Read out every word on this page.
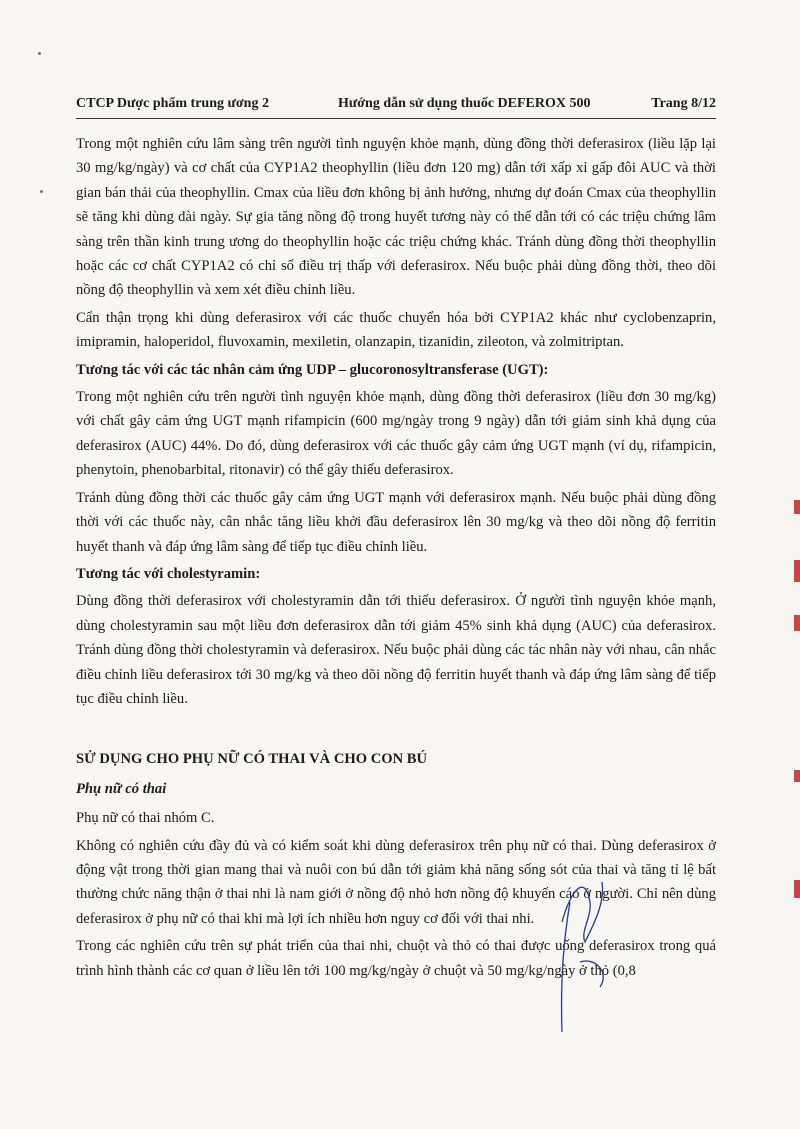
CTCP Dược phẩm trung ương 2	Hướng dẫn sử dụng thuốc DEFEROX 500	Trang 8/12

Trong một nghiên cứu lâm sàng trên người tình nguyện khỏe mạnh, dùng đồng thời deferasirox (liều lặp lại 30 mg/kg/ngày) và cơ chất của CYP1A2 theophyllin (liều đơn 120 mg) dẫn tới xấp xỉ gấp đôi AUC và thời gian bán thải của theophyllin. Cmax của liều đơn không bị ảnh hưởng, nhưng dự đoán Cmax của theophyllin sẽ tăng khi dùng dài ngày. Sự gia tăng nồng độ trong huyết tương này có thể dẫn tới có các triệu chứng lâm sàng trên thần kinh trung ương do theophyllin hoặc các triệu chứng khác. Tránh dùng đồng thời theophyllin hoặc các cơ chất CYP1A2 có chỉ số điều trị thấp với deferasirox. Nếu buộc phải dùng đồng thời, theo dõi nồng độ theophyllin và xem xét điều chỉnh liều.

Cẩn thận trọng khi dùng deferasirox với các thuốc chuyển hóa bởi CYP1A2 khác như cyclobenzaprin, imipramin, haloperidol, fluvoxamin, mexiletin, olanzapin, tizanidin, zileoton, và zolmitriptan.

Tương tác với các tác nhân cảm ứng UDP – glucoronosyltransferase (UGT):

Trong một nghiên cứu trên người tình nguyện khỏe mạnh, dùng đồng thời deferasirox (liều đơn 30 mg/kg) với chất gây cảm ứng UGT mạnh rifampicin (600 mg/ngày trong 9 ngày) dẫn tới giảm sinh khả dụng của deferasirox (AUC) 44%. Do đó, dùng deferasirox với các thuốc gây cảm ứng UGT mạnh (ví dụ, rifampicin, phenytoin, phenobarbital, ritonavir) có thể gây thiếu deferasirox.

Tránh dùng đồng thời các thuốc gây cảm ứng UGT mạnh với deferasirox mạnh. Nếu buộc phải dùng đồng thời với các thuốc này, cân nhắc tăng liều khởi đầu deferasirox lên 30 mg/kg và theo dõi nồng độ ferritin huyết thanh và đáp ứng lâm sàng để tiếp tục điều chỉnh liều.

Tương tác với cholestyramin:

Dùng đồng thời deferasirox với cholestyramin dẫn tới thiếu deferasirox. Ở người tình nguyện khỏe mạnh, dùng cholestyramin sau một liều đơn deferasirox dẫn tới giảm 45% sinh khả dụng (AUC) của deferasirox. Tránh dùng đồng thời cholestyramin và deferasirox. Nếu buộc phải dùng các tác nhân này với nhau, cân nhắc điều chỉnh liều deferasirox tới 30 mg/kg và theo dõi nồng độ ferritin huyết thanh và đáp ứng lâm sàng để tiếp tục điều chỉnh liều.

SỬ DỤNG CHO PHỤ NỮ CÓ THAI VÀ CHO CON BÚ
Phụ nữ có thai

Phụ nữ có thai nhóm C.

Không có nghiên cứu đầy đủ và có kiểm soát khi dùng deferasirox trên phụ nữ có thai. Dùng deferasirox ở động vật trong thời gian mang thai và nuôi con bú dẫn tới giảm khả năng sống sót của thai và tăng tỉ lệ bất thường chức năng thận ở thai nhi là nam giới ở nồng độ nhỏ hơn nồng độ khuyến cáo ở người. Chỉ nên dùng deferasirox ở phụ nữ có thai khi mà lợi ích nhiều hơn nguy cơ đối với thai nhi.

Trong các nghiên cứu trên sự phát triển của thai nhi, chuột và thỏ có thai được uống deferasirox trong quá trình hình thành các cơ quan ở liều lên tới 100 mg/kg/ngày ở chuột và 50 mg/kg/ngày ở thỏ (0,8
